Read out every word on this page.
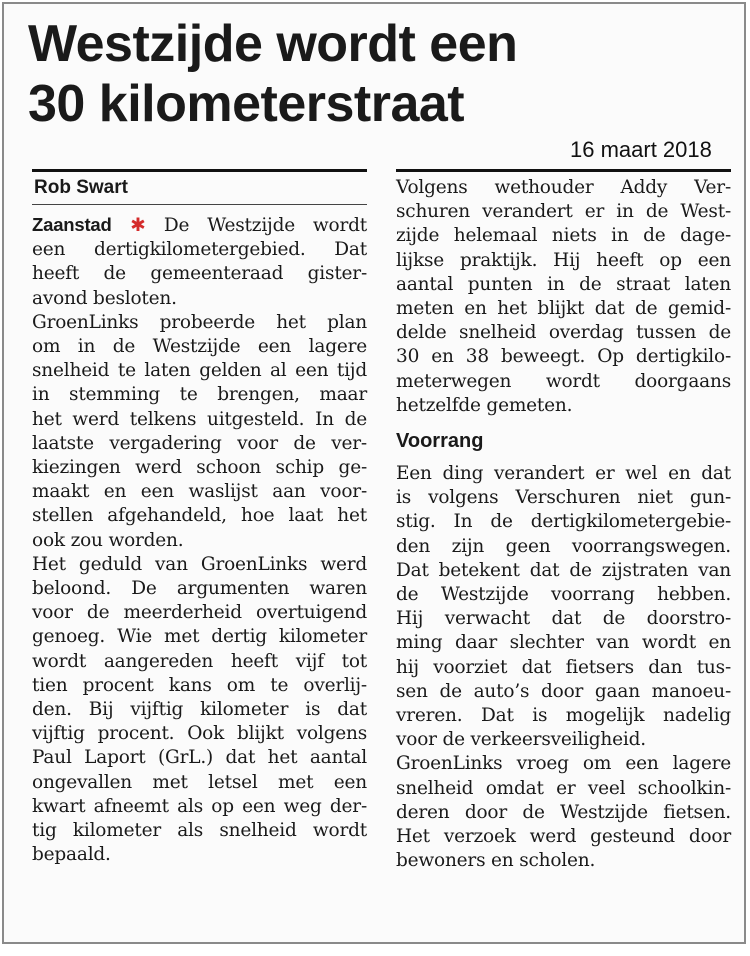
Westzijde wordt een
30 kilometerstraat
16 maart 2018
Rob Swart
Zaanstad ✱ De Westzijde wordt
een dertigkilometergebied. Dat
heeft de gemeenteraad gister-
avond besloten.
GroenLinks probeerde het plan
om in de Westzijde een lagere
snelheid te laten gelden al een tijd
in stemming te brengen, maar
het werd telkens uitgesteld. In de
laatste vergadering voor de ver-
kiezingen werd schoon schip ge-
maakt en een waslijst aan voor-
stellen afgehandeld, hoe laat het
ook zou worden.
Het geduld van GroenLinks werd
beloond. De argumenten waren
voor de meerderheid overtuigend
genoeg. Wie met dertig kilometer
wordt aangereden heeft vijf tot
tien procent kans om te overlij-
den. Bij vijftig kilometer is dat
vijftig procent. Ook blijkt volgens
Paul Laport (GrL.) dat het aantal
ongevallen met letsel met een
kwart afneemt als op een weg der-
tig kilometer als snelheid wordt
bepaald.
Volgens wethouder Addy Ver-
schuren verandert er in de West-
zijde helemaal niets in de dage-
lijkse praktijk. Hij heeft op een
aantal punten in de straat laten
meten en het blijkt dat de gemid-
delde snelheid overdag tussen de
30 en 38 beweegt. Op dertigkilo-
meterwegen wordt doorgaans
hetzelfde gemeten.
Voorrang
Een ding verandert er wel en dat
is volgens Verschuren niet gun-
stig. In de dertigkilometergebie-
den zijn geen voorrangswegen.
Dat betekent dat de zijstraten van
de Westzijde voorrang hebben.
Hij verwacht dat de doorstro-
ming daar slechter van wordt en
hij voorziet dat fietsers dan tus-
sen de auto’s door gaan manoeu-
vreren. Dat is mogelijk nadelig
voor de verkeersveiligheid.
GroenLinks vroeg om een lagere
snelheid omdat er veel schoolkin-
deren door de Westzijde fietsen.
Het verzoek werd gesteund door
bewoners en scholen.
